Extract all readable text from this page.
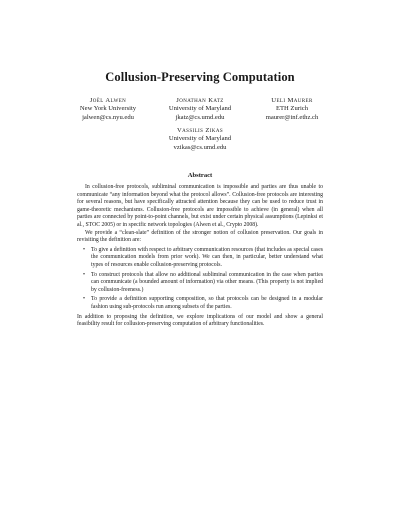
Collusion-Preserving Computation
Joël Alwen
New York University
jalwen@cs.nyu.edu
Jonathan Katz
University of Maryland
jkatz@cs.umd.edu
Ueli Maurer
ETH Zurich
maurer@inf.ethz.ch
Vassilis Zikas
University of Maryland
vzikas@cs.umd.edu
Abstract

In collusion-free protocols, subliminal communication is impossible and parties are thus unable to communicate “any information beyond what the protocol allows”. Collusion-free protocols are interesting for several reasons, but have specifically attracted attention because they can be used to reduce trust in game-theoretic mechanisms. Collusion-free protocols are impossible to achieve (in general) when all parties are connected by point-to-point channels, but exist under certain physical assumptions (Lepinksi et al., STOC 2005) or in specific network topologies (Alwen et al., Crypto 2008).

We provide a “clean-slate” definition of the stronger notion of collusion preservation. Our goals in revisiting the definition are:

• To give a definition with respect to arbitrary communication resources (that includes as special cases the communication models from prior work). We can then, in particular, better understand what types of resources enable collusion-preserving protocols.
• To construct protocols that allow no additional subliminal communication in the case when parties can communicate (a bounded amount of information) via other means. (This property is not implied by collusion-freeness.)
• To provide a definition supporting composition, so that protocols can be designed in a modular fashion using sub-protocols run among subsets of the parties.

In addition to proposing the definition, we explore implications of our model and show a general feasibility result for collusion-preserving computation of arbitrary functionalities.
